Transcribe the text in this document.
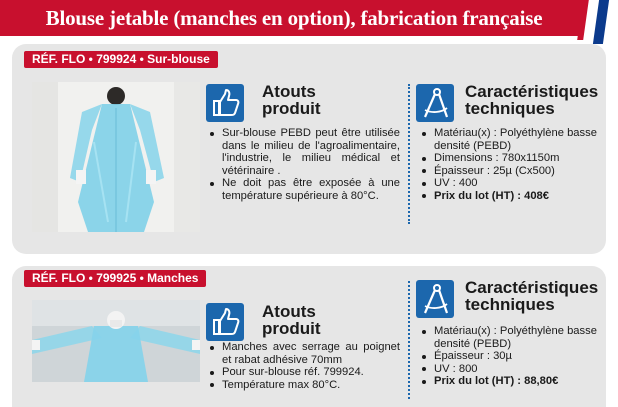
Blouse jetable (manches en option), fabrication française
RÉF. FLO • 799924 • Sur-blouse
Atouts
produit
Sur-blouse PEBD peut être utilisée dans le milieu de l'agroalimentaire, l'industrie, le milieu médical et vétérinaire .
Ne doit pas être exposée à une température supérieure à 80°C.
Caractéristiques
techniques
Matériau(x) : Polyéthylène basse densité (PEBD)
Dimensions : 780x1150m
Épaisseur : 25µ (Cx500)
UV : 400
Prix du lot (HT) : 408€
RÉF. FLO • 799925 • Manches
Atouts
produit
Manches avec serrage au poignet et rabat adhésive 70mm
Pour sur-blouse réf. 799924.
Température max 80°C.
Caractéristiques
techniques
Matériau(x) : Polyéthylène basse densité (PEBD)
Épaisseur : 30µ
UV : 800
Prix du lot (HT) : 88,80€
